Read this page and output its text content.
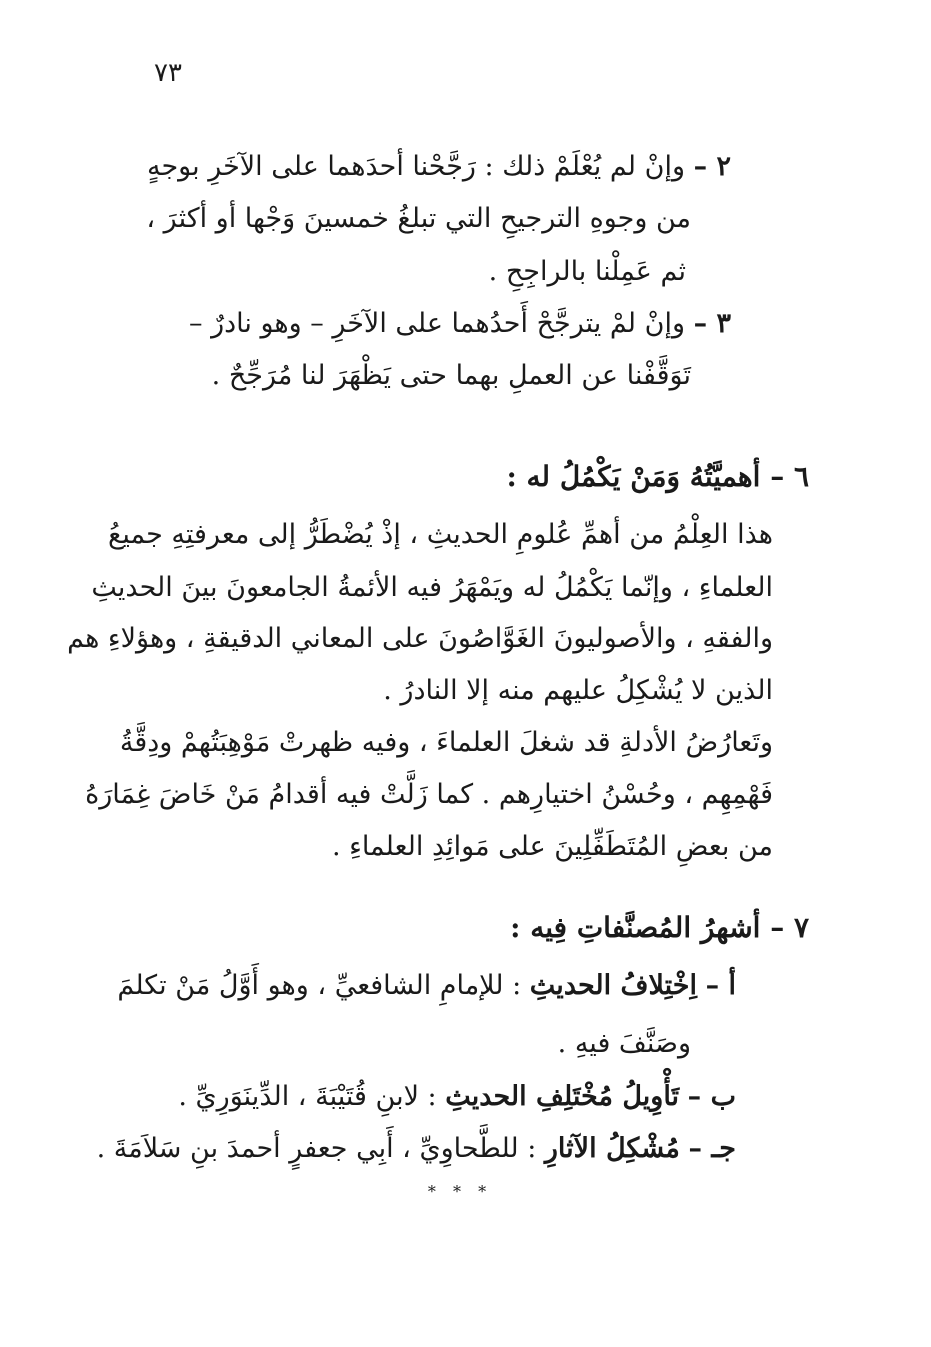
٧٣
٢ – وإنْ لم يُعْلَمْ ذلك : رَجَّحْنا أحدَهما على الآخَرِ بوجهٍ
من وجوهِ الترجيحِ التي تبلغُ خمسينَ وَجْها أو أكثرَ ،
ثم عَمِلْنا بالراجِحِ .
٣ – وإنْ لمْ يترجَّحْ أَحدُهما على الآخَرِ – وهو نادرٌ –
تَوَقَّفْنا عن العملِ بهما حتى يَظْهَرَ لنا مُرَجِّحٌ .
٦ – أهميَّتُهُ وَمَنْ يَكْمُلُ له :
هذا العِلْمُ من أهمِّ عُلومِ الحديثِ ، إذْ يُضْطَرُّ إلى معرفتِهِ جميعُ
العلماءِ ، وإنّما يَكْمُلُ له ويَمْهَرُ فيه الأئمةُ الجامعونَ بينَ الحديثِ
والفقهِ ، والأصوليونَ الغَوَّاصُونَ على المعاني الدقيقةِ ، وهؤلاءِ هم
الذين لا يُشْكِلُ عليهم منه إلا النادرُ .
وتَعارُضُ الأدلةِ قد شغلَ العلماءَ ، وفيه ظهرتْ مَوْهِبَتُهمْ ودِقَّةُ
فَهْمِهِم ، وحُسْنُ اختيارِهم . كما زَلَّتْ فيه أقدامُ مَنْ خَاضَ غِمَارَهُ
من بعضِ المُتَطَفِّلِينَ على مَوائِدِ العلماءِ .
٧ – أشهرُ المُصنَّفاتِ فِيه :
أ – اِخْتِلافُ الحديثِ : للإمامِ الشافعيِّ ، وهو أَوَّلُ مَنْ تكلمَ
وصَنَّفَ فيهِ .
ب – تَأْوِيلُ مُخْتَلِفِ الحديثِ : لابنِ قُتَيْبَةَ ، الدِّينَوَرِيِّ .
جـ – مُشْكِلُ الآثارِ : للطَّحاوِيِّ ، أَبِي جعفرٍ أحمدَ بنِ سَلاَمَةَ .
* * *
